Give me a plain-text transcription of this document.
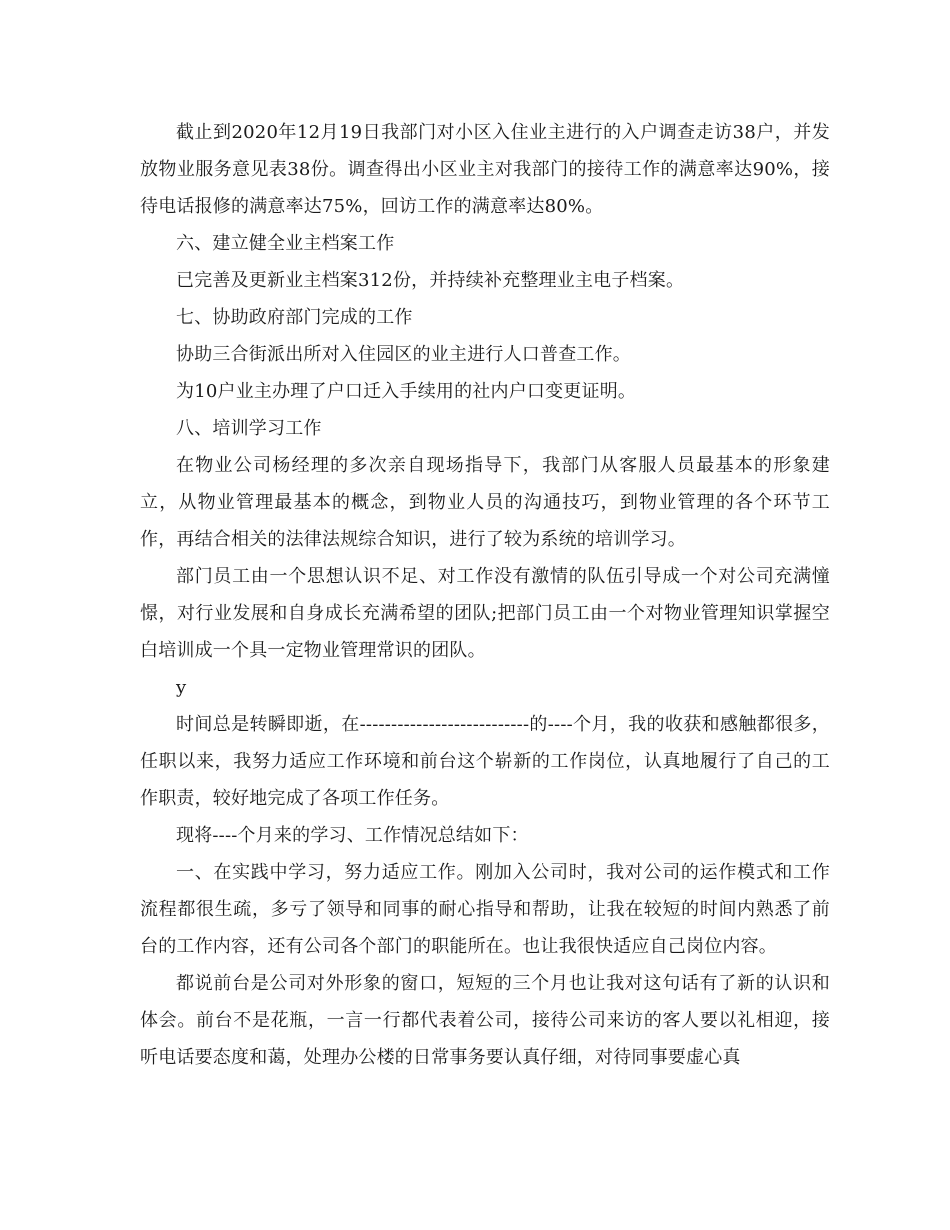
截止到2020年12月19日我部门对小区入住业主进行的入户调查走访38户，并发放物业服务意见表38份。调查得出小区业主对我部门的接待工作的满意率达90%，接待电话报修的满意率达75%，回访工作的满意率达80%。

六、建立健全业主档案工作

已完善及更新业主档案312份，并持续补充整理业主电子档案。

七、协助政府部门完成的工作

协助三合街派出所对入住园区的业主进行人口普查工作。

为10户业主办理了户口迁入手续用的社内户口变更证明。

八、培训学习工作

在物业公司杨经理的多次亲自现场指导下，我部门从客服人员最基本的形象建立，从物业管理最基本的概念，到物业人员的沟通技巧，到物业管理的各个环节工作，再结合相关的法律法规综合知识，进行了较为系统的培训学习。

部门员工由一个思想认识不足、对工作没有激情的队伍引导成一个对公司充满憧憬，对行业发展和自身成长充满希望的团队;把部门员工由一个对物业管理知识掌握空白培训成一个具一定物业管理常识的团队。

y

时间总是转瞬即逝，在---------------------------的----个月，我的收获和感触都很多，任职以来，我努力适应工作环境和前台这个崭新的工作岗位，认真地履行了自己的工作职责，较好地完成了各项工作任务。

现将----个月来的学习、工作情况总结如下：

一、在实践中学习，努力适应工作。刚加入公司时，我对公司的运作模式和工作流程都很生疏，多亏了领导和同事的耐心指导和帮助，让我在较短的时间内熟悉了前台的工作内容，还有公司各个部门的职能所在。也让我很快适应自己岗位内容。

都说前台是公司对外形象的窗口，短短的三个月也让我对这句话有了新的认识和体会。前台不是花瓶，一言一行都代表着公司，接待公司来访的客人要以礼相迎，接听电话要态度和蔼，处理办公楼的日常事务要认真仔细，对待同事要虚心真
